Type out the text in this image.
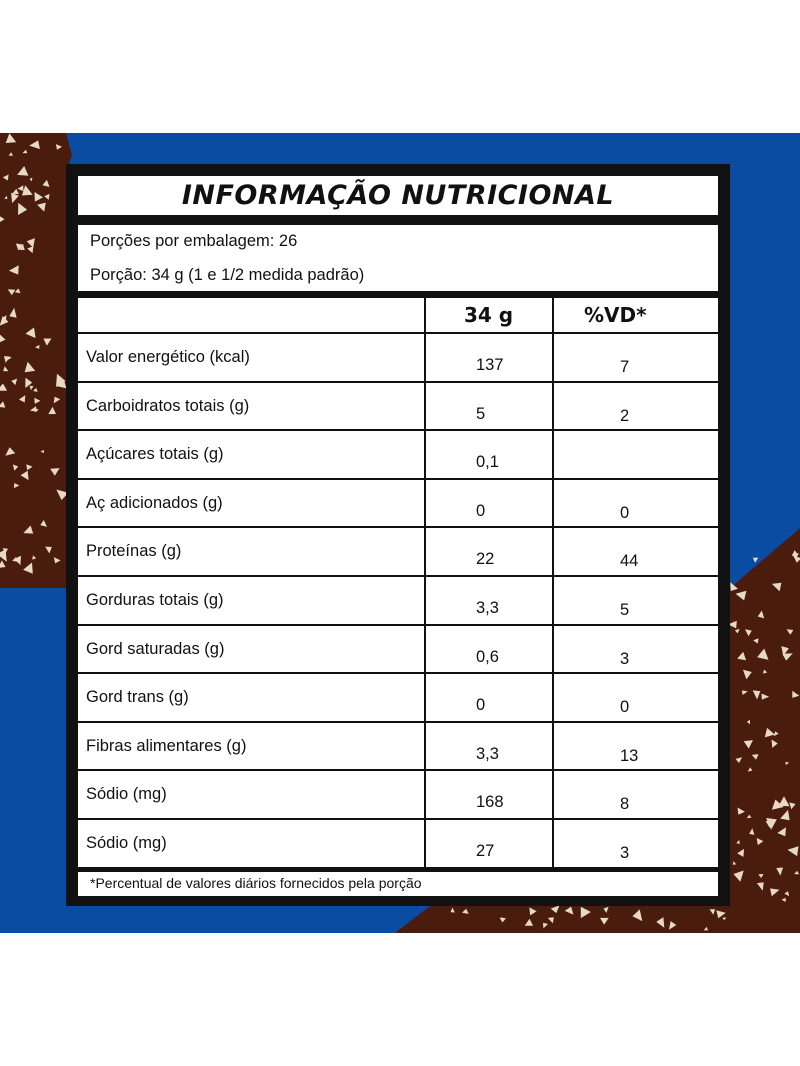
INFORMAÇÃO NUTRICIONAL
Porções por embalagem: 26
Porção: 34 g (1 e 1/2 medida padrão)
34 g	%VD*
Valor energético (kcal)	137	7
Carboidratos totais (g)	5	2
Açúcares totais (g)	0,1
Aç adicionados (g)	0	0
Proteínas (g)	22	44
Gorduras totais (g)	3,3	5
Gord saturadas (g)	0,6	3
Gord trans (g)	0	0
Fibras alimentares (g)	3,3	13
Sódio (mg)	168	8
Sódio (mg)	27	3
*Percentual de valores diários fornecidos pela porção
